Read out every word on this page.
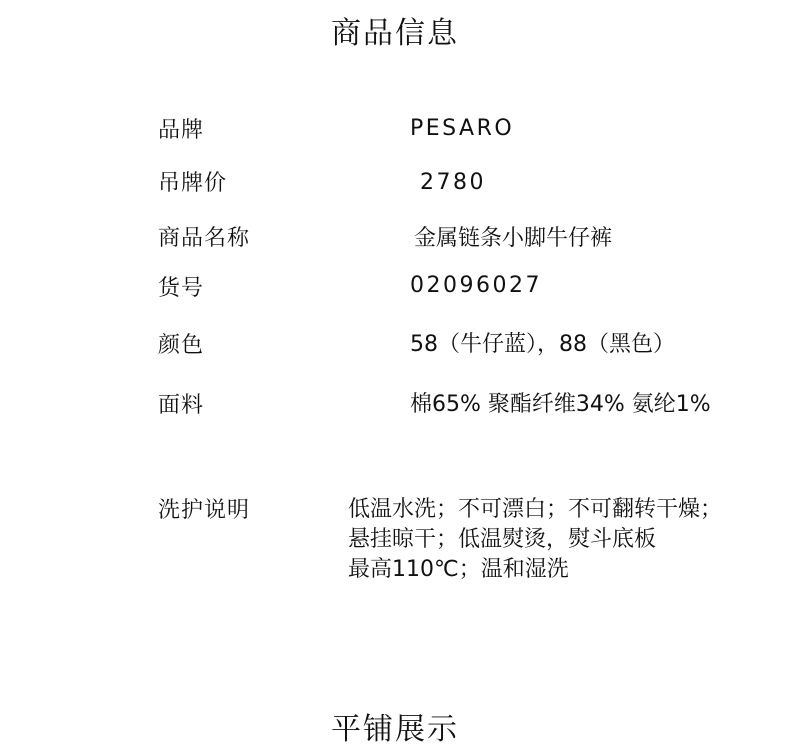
商品信息
品牌	PESARO
吊牌价	2780
商品名称	金属链条小脚牛仔裤
货号	02096027
颜色	58（牛仔蓝），88（黑色）
面料	棉65% 聚酯纤维34% 氨纶1%
洗护说明	低温水洗；不可漂白；不可翻转干燥；
悬挂晾干；低温熨烫，熨斗底板
最高110℃；温和湿洗
平铺展示
